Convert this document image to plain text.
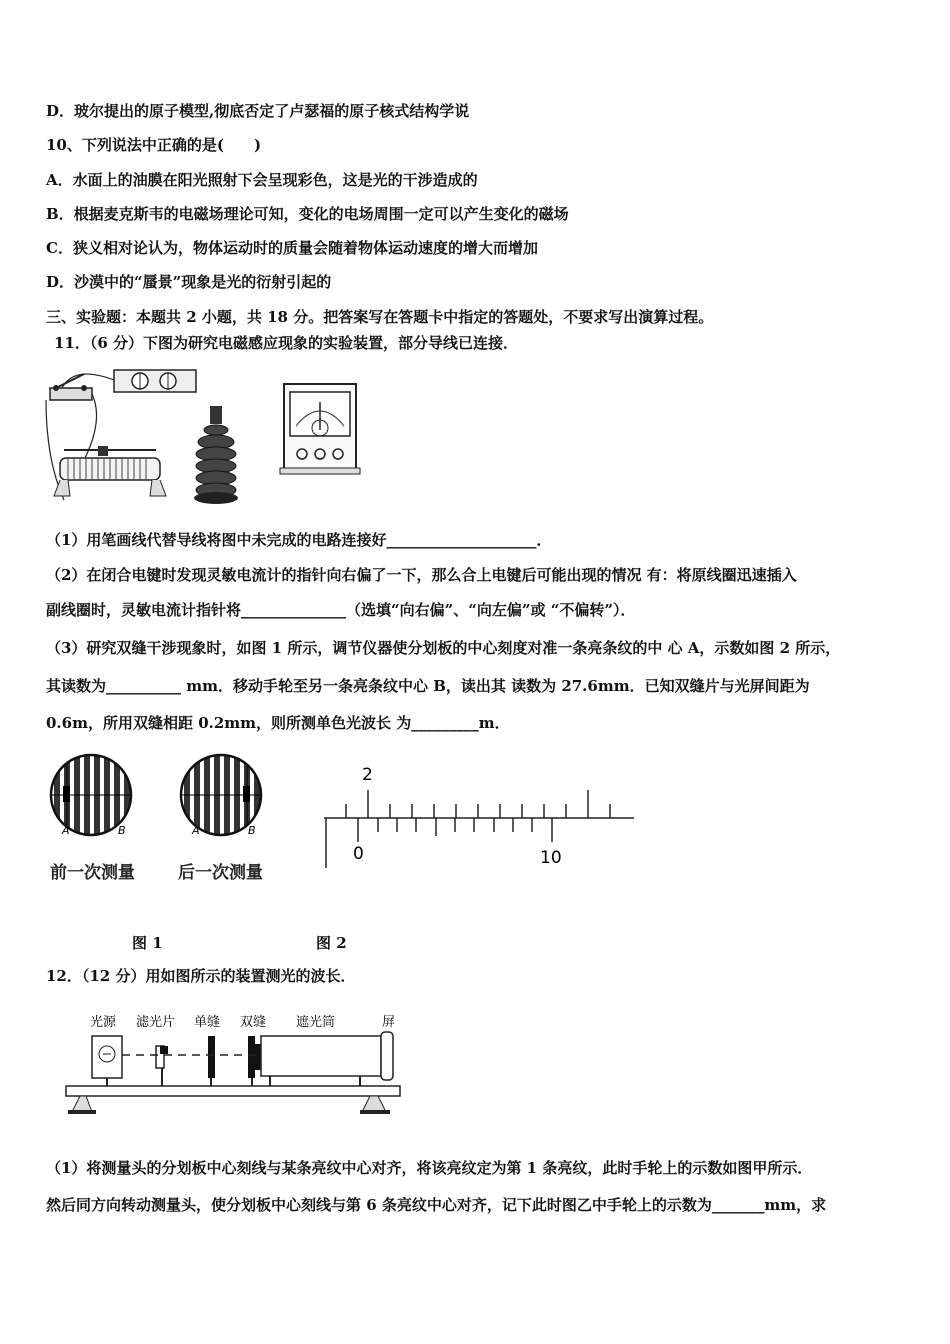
D．玻尔提出的原子模型,彻底否定了卢瑟福的原子核式结构学说
10、下列说法中正确的是(　　)
A．水面上的油膜在阳光照射下会呈现彩色，这是光的干涉造成的
B．根据麦克斯韦的电磁场理论可知，变化的电场周围一定可以产生变化的磁场
C．狭义相对论认为，物体运动时的质量会随着物体运动速度的增大而增加
D．沙漠中的“蜃景”现象是光的衍射引起的
三、实验题：本题共 2 小题，共 18 分。把答案写在答题卡中指定的答题处，不要求写出演算过程。
11．（6 分）下图为研究电磁感应现象的实验装置，部分导线已连接．
（1）用笔画线代替导线将图中未完成的电路连接好____________________．
（2）在闭合电键时发现灵敏电流计的指针向右偏了一下，那么合上电键后可能出现的情况 有：将原线圈迅速插入
副线圈时，灵敏电流计指针将______________（选填“向右偏”、“向左偏”或 “不偏转”）．
（3）研究双缝干涉现象时，如图 1 所示，调节仪器使分划板的中心刻度对准一条亮条纹的中 心 A，示数如图 2 所示，
其读数为__________ mm．移动手轮至另一条亮条纹中心 B，读出其 读数为 27.6mm．已知双缝片与光屏间距为
0.6m，所用双缝相距 0.2mm，则所测单色光波长 为_________m．
A	B	A	B
前一次测量	后一次测量
2
0	10
图 1	图 2
12．（12 分）用如图所示的装置测光的波长．
光源 滤光片 单缝 双缝 遮光筒	屏
（1）将测量头的分划板中心刻线与某条亮纹中心对齐，将该亮纹定为第 1 条亮纹，此时手轮上的示数如图甲所示．
然后同方向转动测量头，使分划板中心刻线与第 6 条亮纹中心对齐，记下此时图乙中手轮上的示数为_______mm，求
